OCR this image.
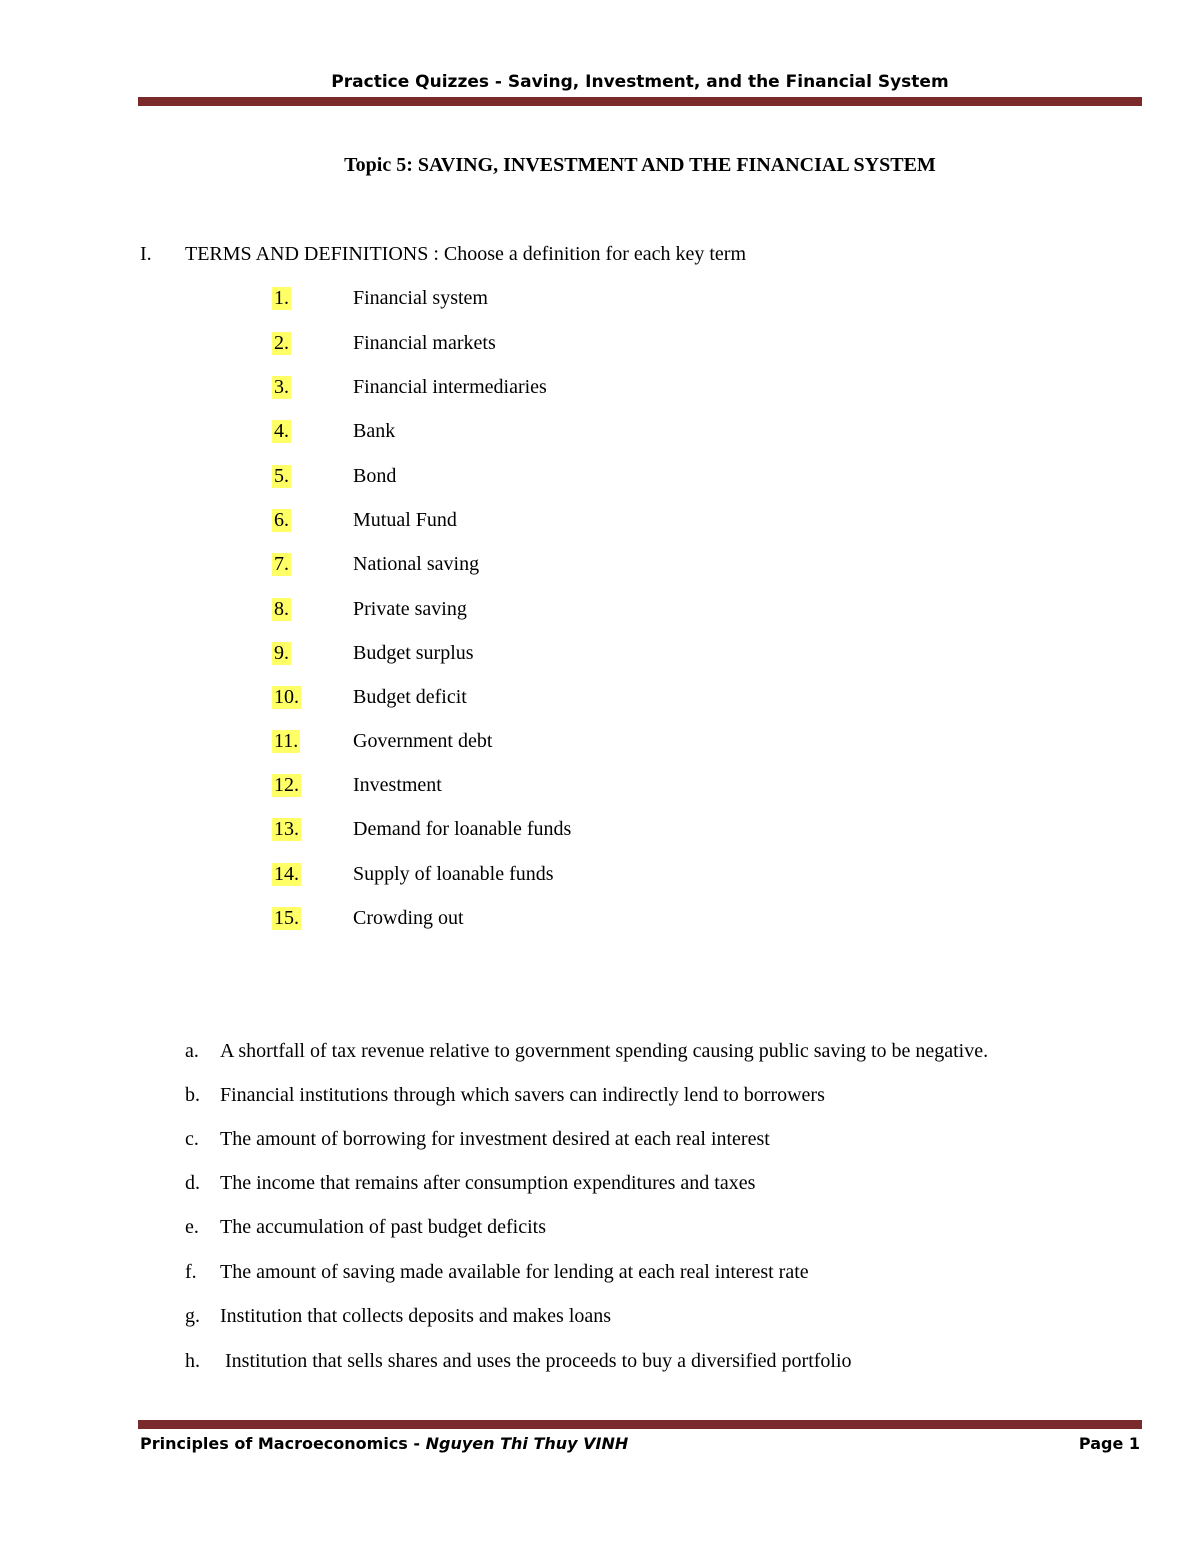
Practice Quizzes - Saving, Investment, and the Financial System
Topic 5: SAVING, INVESTMENT AND THE FINANCIAL SYSTEM
I. TERMS AND DEFINITIONS : Choose a definition for each key term
1.	Financial system
2.	Financial markets
3.	Financial intermediaries
4.	Bank
5.	Bond
6.	Mutual Fund
7.	National saving
8.	Private saving
9.	Budget surplus
10.	Budget deficit
11.	Government debt
12.	Investment
13.	Demand for loanable funds
14.	Supply of loanable funds
15.	Crowding out
a. A shortfall of tax revenue relative to government spending causing public saving to be negative.
b. Financial institutions through which savers can indirectly lend to borrowers
c. The amount of borrowing for investment desired at each real interest
d. The income that remains after consumption expenditures and taxes
e. The accumulation of past budget deficits
f. The amount of saving made available for lending at each real interest rate
g. Institution that collects deposits and makes loans
h. Institution that sells shares and uses the proceeds to buy a diversified portfolio
Principles of Macroeconomics - Nguyen Thi Thuy VINH	Page 1
